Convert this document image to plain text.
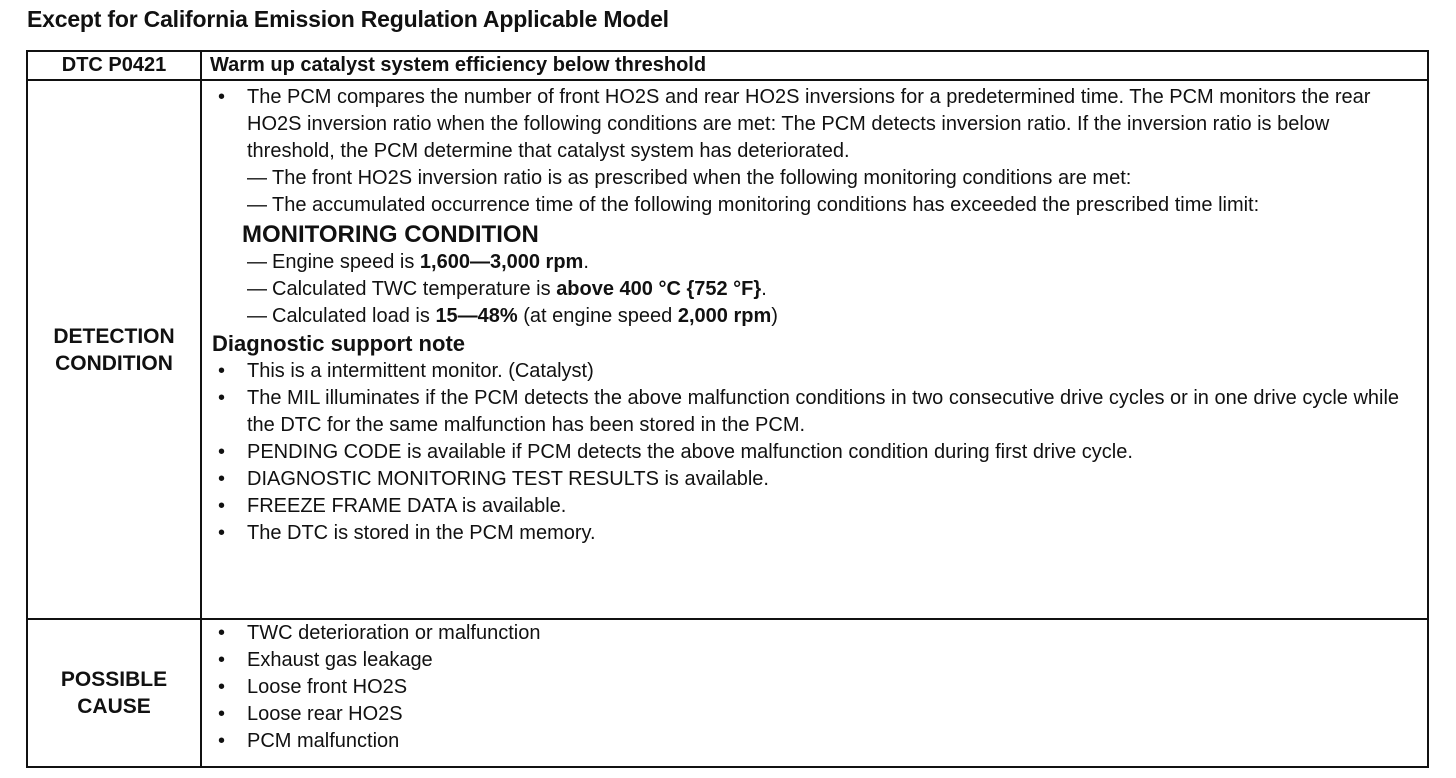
Except for California Emission Regulation Applicable Model
DTC P0421 Warm up catalyst system efficiency below threshold
DETECTION
CONDITION
•	The PCM compares the number of front HO2S and rear HO2S inversions for a predetermined time. The PCM monitors the rear HO2S inversion ratio when the following conditions are met: The PCM detects inversion ratio. If the inversion ratio is below threshold, the PCM determine that catalyst system has deteriorated.
— The front HO2S inversion ratio is as prescribed when the following monitoring conditions are met:
— The accumulated occurrence time of the following monitoring conditions has exceeded the prescribed time limit:
MONITORING CONDITION
— Engine speed is 1,600—3,000 rpm.
— Calculated TWC temperature is above 400 °C {752 °F}.
— Calculated load is 15—48% (at engine speed 2,000 rpm)
Diagnostic support note
•	This is a intermittent monitor. (Catalyst)
•	The MIL illuminates if the PCM detects the above malfunction conditions in two consecutive drive cycles or in one drive cycle while the DTC for the same malfunction has been stored in the PCM.
•	PENDING CODE is available if PCM detects the above malfunction condition during first drive cycle.
•	DIAGNOSTIC MONITORING TEST RESULTS is available.
•	FREEZE FRAME DATA is available.
•	The DTC is stored in the PCM memory.
POSSIBLE
CAUSE
•	TWC deterioration or malfunction
•	Exhaust gas leakage
•	Loose front HO2S
•	Loose rear HO2S
•	PCM malfunction
